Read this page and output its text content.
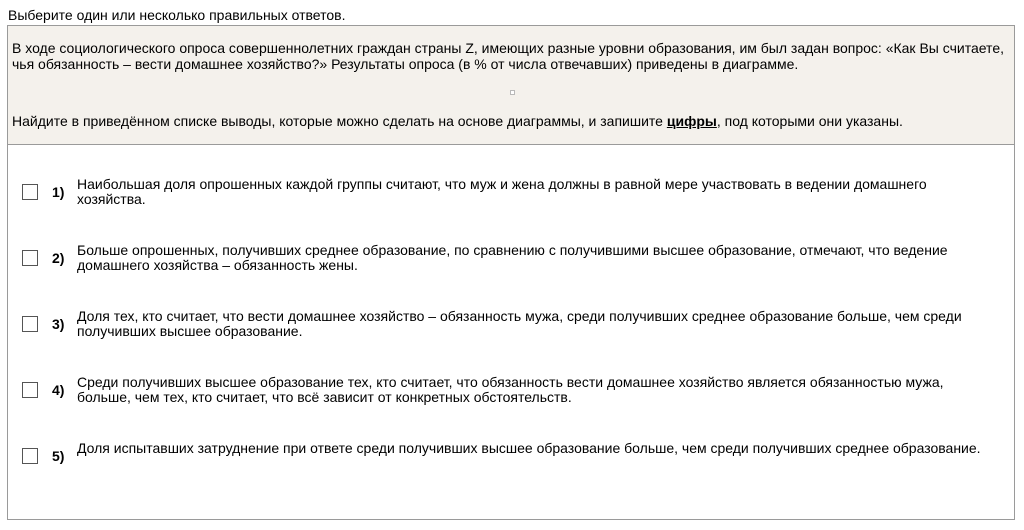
Выберите один или несколько правильных ответов.

В ходе социологического опроса совершеннолетних граждан страны Z, имеющих разные уровни образования, им был задан вопрос: «Как Вы считаете, чья обязанность – вести домашнее хозяйство?» Результаты опроса (в % от числа отвечавших) приведены в диаграмме.

Найдите в приведённом списке выводы, которые можно сделать на основе диаграммы, и запишите цифры, под которыми они указаны.

1) Наибольшая доля опрошенных каждой группы считают, что муж и жена должны в равной мере участвовать в ведении домашнего хозяйства.
2) Больше опрошенных, получивших среднее образование, по сравнению с получившими высшее образование, отмечают, что ведение домашнего хозяйства – обязанность жены.
3) Доля тех, кто считает, что вести домашнее хозяйство – обязанность мужа, среди получивших среднее образование больше, чем среди получивших высшее образование.
4) Среди получивших высшее образование тех, кто считает, что обязанность вести домашнее хозяйство является обязанностью мужа, больше, чем тех, кто считает, что всё зависит от конкретных обстоятельств.
5) Доля испытавших затруднение при ответе среди получивших высшее образование больше, чем среди получивших среднее образование.
